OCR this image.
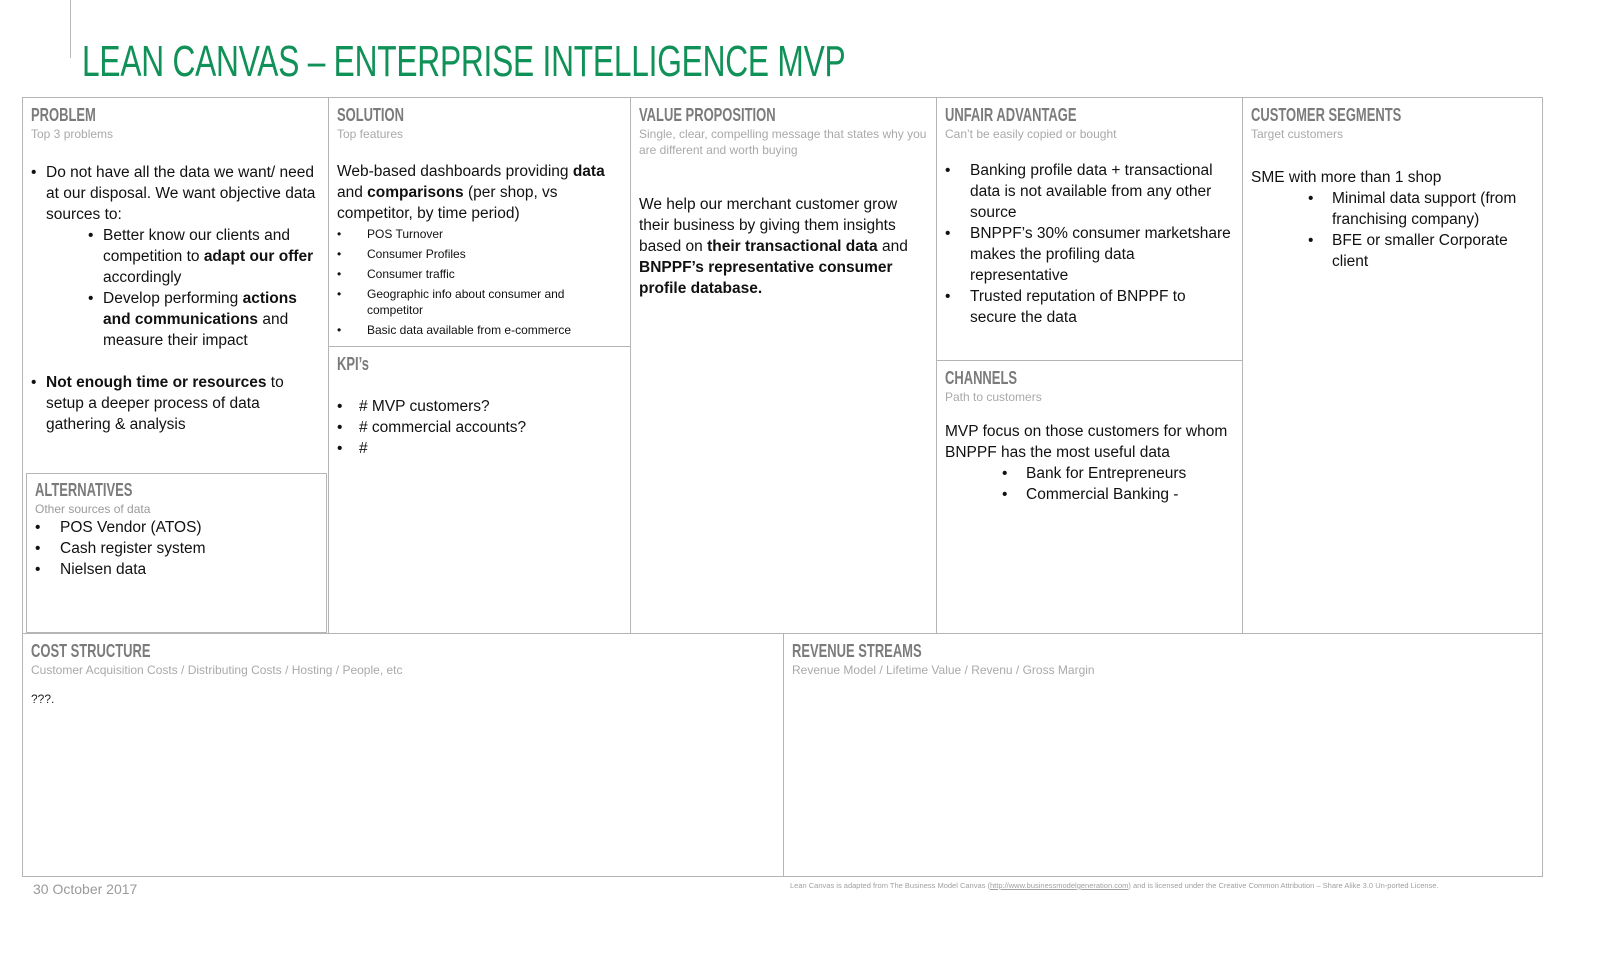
LEAN CANVAS – ENTERPRISE INTELLIGENCE MVP
PROBLEM
Top 3 problems
• Do not have all the data we want/ need at our disposal. We want objective data sources to:
• Better know our clients and competition to adapt our offer accordingly
• Develop performing actions and communications and measure their impact
• Not enough time or resources to setup a deeper process of data gathering & analysis
ALTERNATIVES
Other sources of data
• POS Vendor (ATOS)
• Cash register system
• Nielsen data
SOLUTION
Top features
Web-based dashboards providing data and comparisons (per shop, vs competitor, by time period)
• POS Turnover
• Consumer Profiles
• Consumer traffic
• Geographic info about consumer and competitor
• Basic data available from e-commerce
KPI’s
• # MVP customers?
• # commercial accounts?
• #
VALUE PROPOSITION
Single, clear, compelling message that states why you are different and worth buying
We help our merchant customer grow their business by giving them insights based on their transactional data and BNPPF’s representative consumer profile database.
UNFAIR ADVANTAGE
Can’t be easily copied or bought
• Banking profile data + transactional data is not available from any other source
• BNPPF’s 30% consumer marketshare makes the profiling data representative
• Trusted reputation of BNPPF to secure the data
CHANNELS
Path to customers
MVP focus on those customers for whom BNPPF has the most useful data
• Bank for Entrepreneurs
• Commercial Banking -
CUSTOMER SEGMENTS
Target customers
SME with more than 1 shop
• Minimal data support (from franchising company)
• BFE or smaller Corporate client
COST STRUCTURE
Customer Acquisition Costs / Distributing Costs / Hosting / People, etc
???.
REVENUE STREAMS
Revenue Model / Lifetime Value / Revenu / Gross Margin
30 October 2017	Lean Canvas is adapted from The Business Model Canvas (http://www.businessmodelgeneration.com) and is licensed under the Creative Common Attribution – Share Alike 3.0 Un-ported License.
